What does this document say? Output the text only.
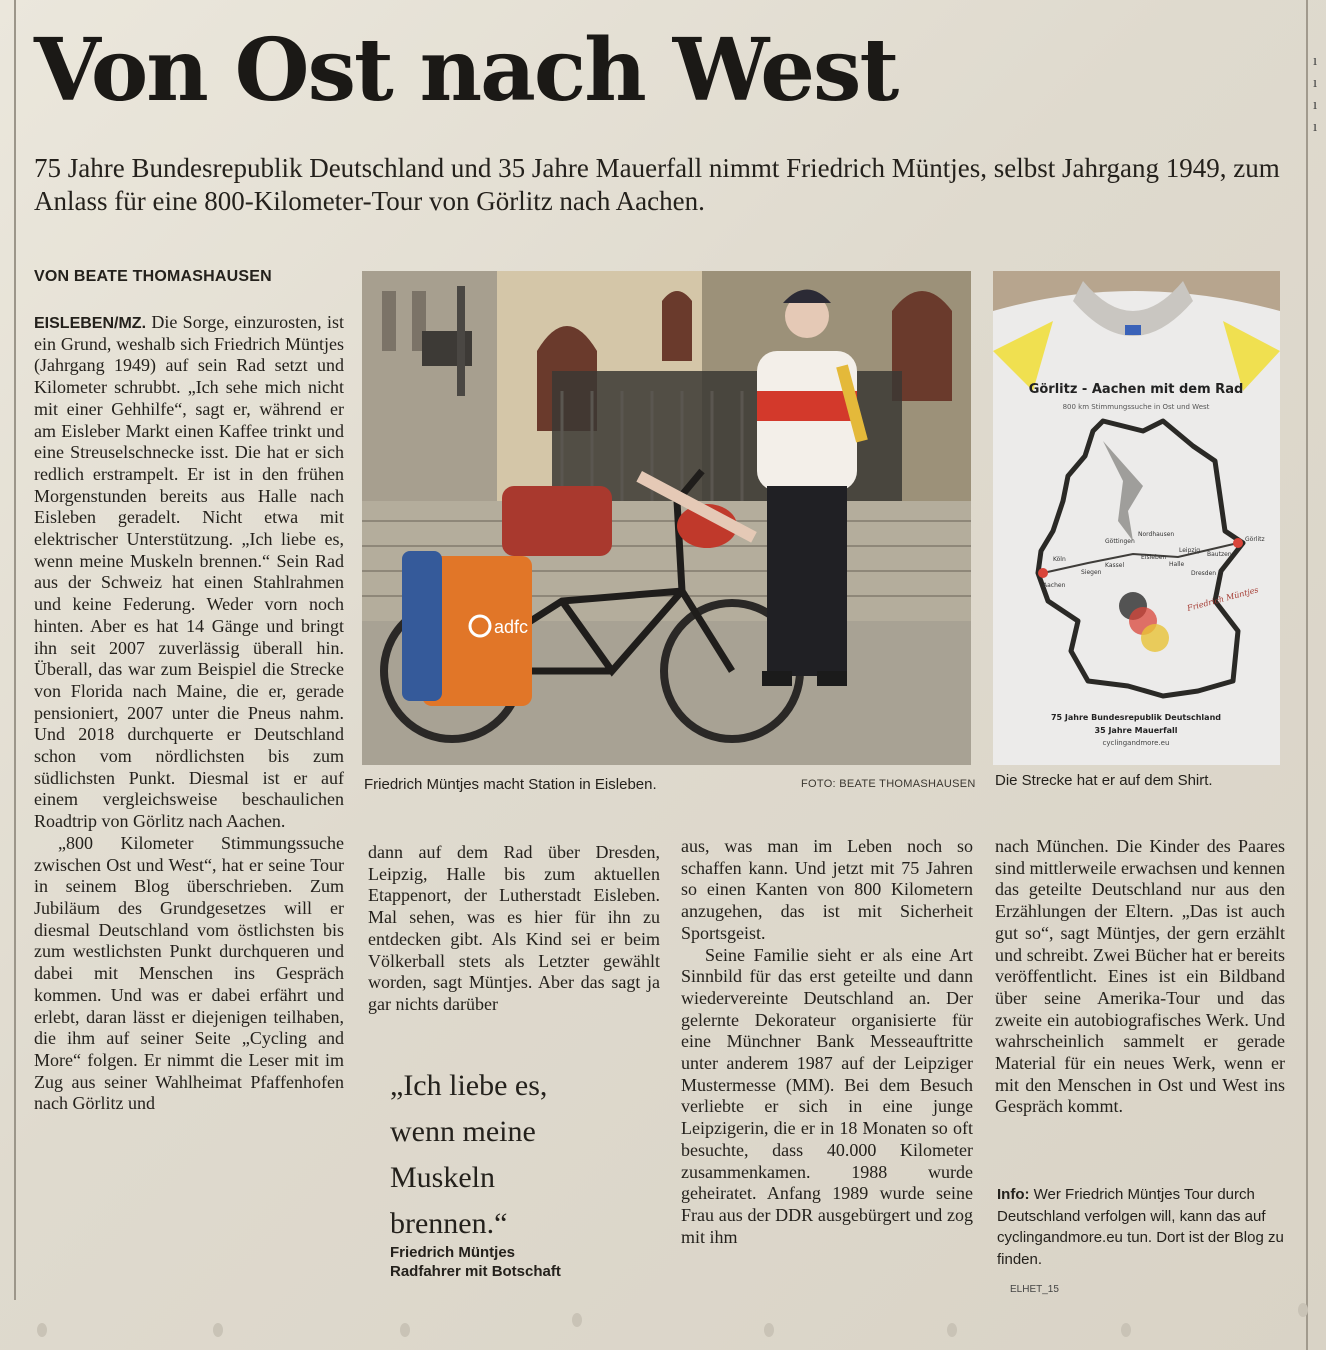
ı
ı
ı
ı
Von Ost nach West
75 Jahre Bundesrepublik Deutschland und 35 Jahre Mauerfall nimmt Friedrich Müntjes, selbst Jahrgang 1949, zum Anlass für eine 800-Kilometer-Tour von Görlitz nach Aachen.
VON BEATE THOMASHAUSEN

EISLEBEN/MZ. Die Sorge, einzurosten, ist ein Grund, weshalb sich Friedrich Müntjes (Jahrgang 1949) auf sein Rad setzt und Kilometer schrubbt. „Ich sehe mich nicht mit einer Gehhilfe“, sagt er, während er am Eisleber Markt einen Kaffee trinkt und eine Streuselschnecke isst. Die hat er sich redlich erstrampelt. Er ist in den frühen Morgenstunden bereits aus Halle nach Eisleben geradelt. Nicht etwa mit elektrischer Unterstützung. „Ich liebe es, wenn meine Muskeln brennen.“ Sein Rad aus der Schweiz hat einen Stahlrahmen und keine Federung. Weder vorn noch hinten. Aber es hat 14 Gänge und bringt ihn seit 2007 zuverlässig überall hin. Überall, das war zum Beispiel die Strecke von Florida nach Maine, die er, gerade pensioniert, 2007 unter die Pneus nahm. Und 2018 durchquerte er Deutschland schon vom nördlichsten bis zum südlichsten Punkt. Diesmal ist er auf einem vergleichsweise beschaulichen Roadtrip von Görlitz nach Aachen.

„800 Kilometer Stimmungssuche zwischen Ost und West“, hat er seine Tour in seinem Blog überschrieben. Zum Jubiläum des Grundgesetzes will er diesmal Deutschland vom östlichsten bis zum westlichsten Punkt durchqueren und dabei mit Menschen ins Gespräch kommen. Und was er dabei erfährt und erlebt, daran lässt er diejenigen teilhaben, die ihm auf seiner Seite „Cycling and More“ folgen. Er nimmt die Leser mit im Zug aus seiner Wahlheimat Pfaffenhofen nach Görlitz und

adfc
Friedrich Müntjes macht Station in Eisleben.	FOTO: BEATE THOMASHAUSEN
Görlitz - Aachen mit dem Rad
800 km Stimmungssuche in Ost und West
Görlitz
Aachen
Köln
Siegen
Kassel
Göttingen
Nordhausen
Eisleben
Halle
Leipzig
Dresden
Bautzen
Friedrich Müntjes
75 Jahre Bundesrepublik Deutschland
35 Jahre Mauerfall
cyclingandmore.eu
Die Strecke hat er auf dem Shirt.

dann auf dem Rad über Dresden, Leipzig, Halle bis zum aktuellen Etappenort, der Lutherstadt Eisleben. Mal sehen, was es hier für ihn zu entdecken gibt. Als Kind sei er beim Völkerball stets als Letzter gewählt worden, sagt Müntjes. Aber das sagt ja gar nichts darüber

„Ich liebe es, wenn meine Muskeln brennen.“
Friedrich Müntjes
Radfahrer mit Botschaft

aus, was man im Leben noch so schaffen kann. Und jetzt mit 75 Jahren so einen Kanten von 800 Kilometern anzugehen, das ist mit Sicherheit Sportsgeist.

Seine Familie sieht er als eine Art Sinnbild für das erst geteilte und dann wiedervereinte Deutschland an. Der gelernte Dekorateur organisierte für eine Münchner Bank Messeauftritte unter anderem 1987 auf der Leipziger Mustermesse (MM). Bei dem Besuch verliebte er sich in eine junge Leipzigerin, die er in 18 Monaten so oft besuchte, dass 40.000 Kilometer zusammenkamen. 1988 wurde geheiratet. Anfang 1989 wurde seine Frau aus der DDR ausgebürgert und zog mit ihm

nach München. Die Kinder des Paares sind mittlerweile erwachsen und kennen das geteilte Deutschland nur aus den Erzählungen der Eltern. „Das ist auch gut so“, sagt Müntjes, der gern erzählt und schreibt. Zwei Bücher hat er bereits veröffentlicht. Eines ist ein Bildband über seine Amerika-Tour und das zweite ein autobiografisches Werk. Und wahrscheinlich sammelt er gerade Material für ein neues Werk, wenn er mit den Menschen in Ost und West ins Gespräch kommt.

Info: Wer Friedrich Müntjes Tour durch Deutschland verfolgen will, kann das auf cyclingandmore.eu tun. Dort ist der Blog zu finden.
ELHET_15
